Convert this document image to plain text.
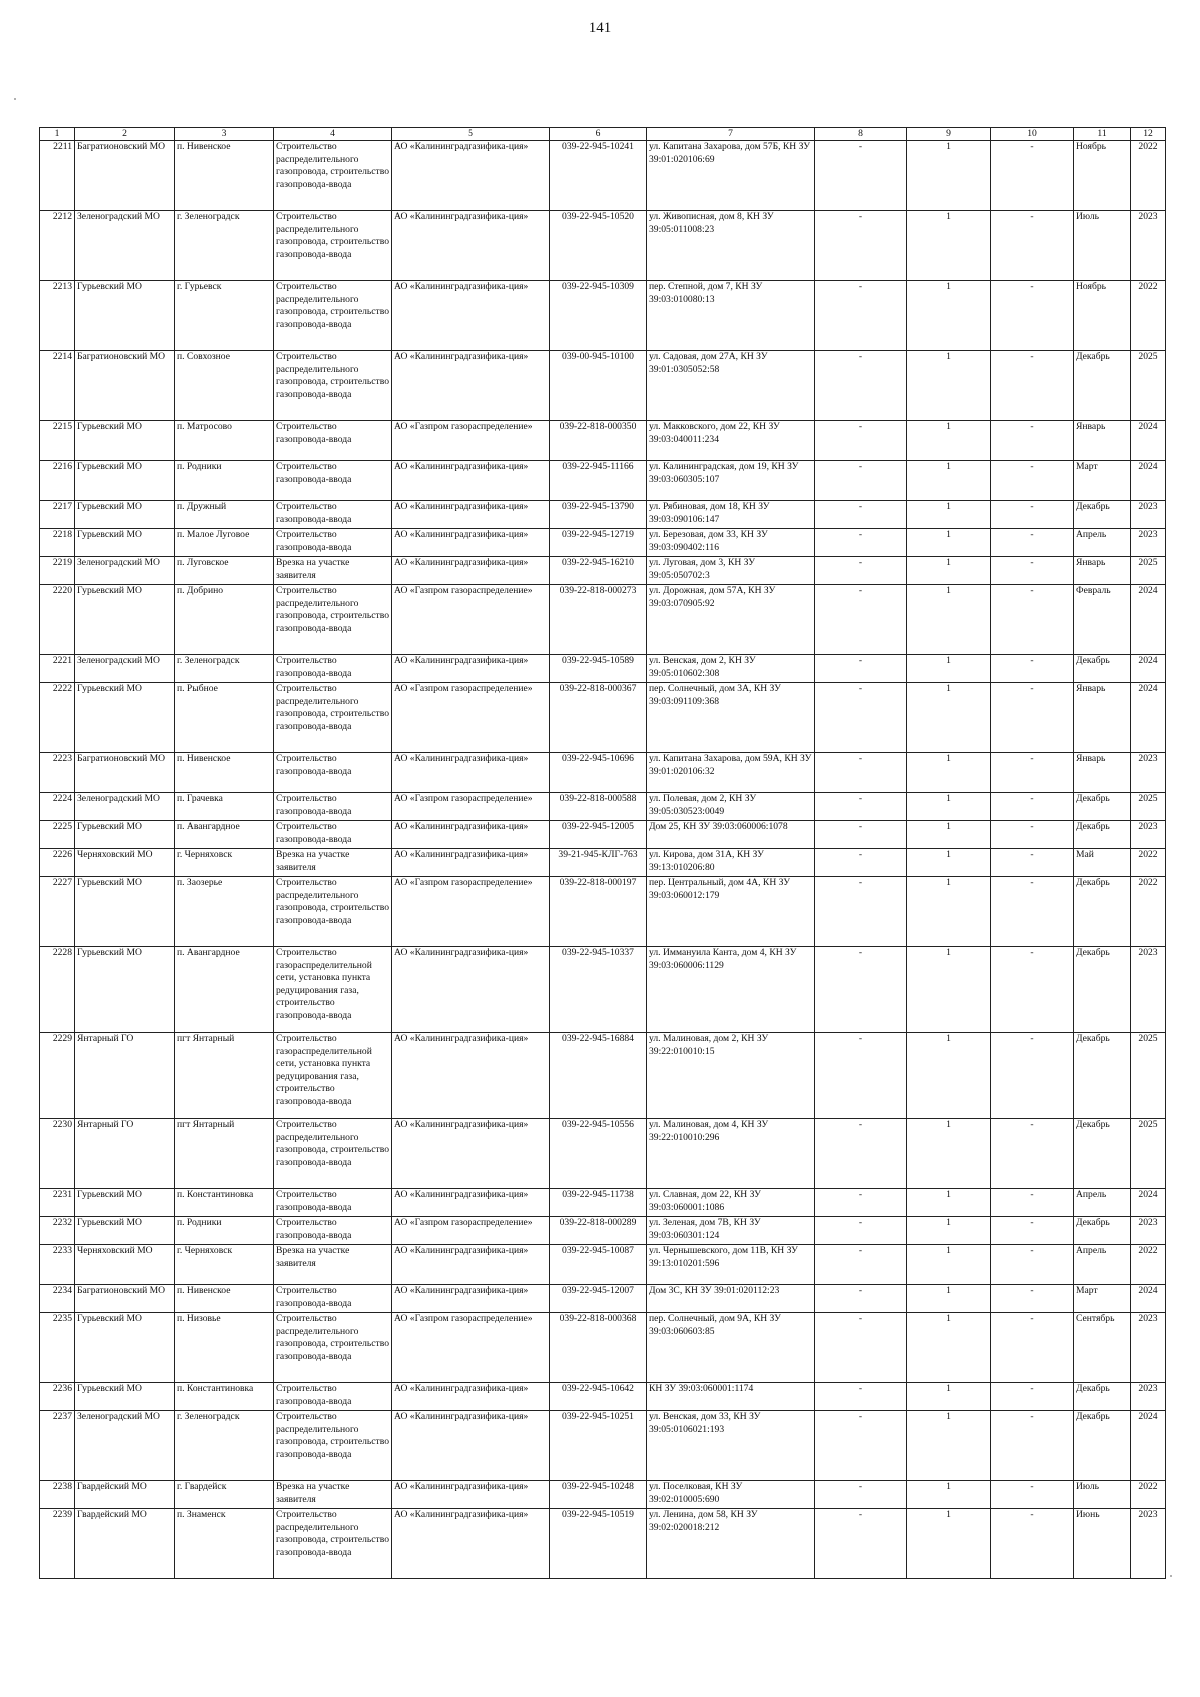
141
1	2	3	4	5	6	7	8	9	10	11	12
2211	Багратионовский МО	п. Нивенское	Строительство распределительного газопровода, строительство газопровода-ввода	АО «Калининградгазифика-ция»	039-22-945-10241	ул. Капитана Захарова, дом 57Б, КН ЗУ 39:01:020106:69	-	1	-	Ноябрь	2022
2212	Зеленоградский МО	г. Зеленоградск	Строительство распределительного газопровода, строительство газопровода-ввода	АО «Калининградгазифика-ция»	039-22-945-10520	ул. Живописная, дом 8, КН ЗУ 39:05:011008:23	-	1	-	Июль	2023
2213	Гурьевский МО	г. Гурьевск	Строительство распределительного газопровода, строительство газопровода-ввода	АО «Калининградгазифика-ция»	039-22-945-10309	пер. Степной, дом 7, КН ЗУ 39:03:010080:13	-	1	-	Ноябрь	2022
2214	Багратионовский МО	п. Совхозное	Строительство распределительного газопровода, строительство газопровода-ввода	АО «Калининградгазифика-ция»	039-00-945-10100	ул. Садовая, дом 27А, КН ЗУ 39:01:0305052:58	-	1	-	Декабрь	2025
2215	Гурьевский МО	п. Матросово	Строительство газопровода-ввода	АО «Газпром газораспределение»	039-22-818-000350	ул. Макковского, дом 22, КН ЗУ 39:03:040011:234	-	1	-	Январь	2024
2216	Гурьевский МО	п. Родники	Строительство газопровода-ввода	АО «Калининградгазифика-ция»	039-22-945-11166	ул. Калининградская, дом 19, КН ЗУ 39:03:060305:107	-	1	-	Март	2024
2217	Гурьевский МО	п. Дружный	Строительство газопровода-ввода	АО «Калининградгазифика-ция»	039-22-945-13790	ул. Рябиновая, дом 18, КН ЗУ 39:03:090106:147	-	1	-	Декабрь	2023
2218	Гурьевский МО	п. Малое Луговое	Строительство газопровода-ввода	АО «Калининградгазифика-ция»	039-22-945-12719	ул. Березовая, дом 33, КН ЗУ 39:03:090402:116	-	1	-	Апрель	2023
2219	Зеленоградский МО	п. Луговское	Врезка на участке заявителя	АО «Калининградгазифика-ция»	039-22-945-16210	ул. Луговая, дом 3, КН ЗУ 39:05:050702:3	-	1	-	Январь	2025
2220	Гурьевский МО	п. Добрино	Строительство распределительного газопровода, строительство газопровода-ввода	АО «Газпром газораспределение»	039-22-818-000273	ул. Дорожная, дом 57А, КН ЗУ 39:03:070905:92	-	1	-	Февраль	2024
2221	Зеленоградский МО	г. Зеленоградск	Строительство газопровода-ввода	АО «Калининградгазифика-ция»	039-22-945-10589	ул. Венская, дом 2, КН ЗУ 39:05:010602:308	-	1	-	Декабрь	2024
2222	Гурьевский МО	п. Рыбное	Строительство распределительного газопровода, строительство газопровода-ввода	АО «Газпром газораспределение»	039-22-818-000367	пер. Солнечный, дом 3А, КН ЗУ 39:03:091109:368	-	1	-	Январь	2024
2223	Багратионовский МО	п. Нивенское	Строительство газопровода-ввода	АО «Калининградгазифика-ция»	039-22-945-10696	ул. Капитана Захарова, дом 59А, КН ЗУ 39:01:020106:32	-	1	-	Январь	2023
2224	Зеленоградский МО	п. Грачевка	Строительство газопровода-ввода	АО «Газпром газораспределение»	039-22-818-000588	ул. Полевая, дом 2, КН ЗУ 39:05:030523:0049	-	1	-	Декабрь	2025
2225	Гурьевский МО	п. Авангардное	Строительство газопровода-ввода	АО «Калининградгазифика-ция»	039-22-945-12005	Дом 25, КН ЗУ 39:03:060006:1078	-	1	-	Декабрь	2023
2226	Черняховский МО	г. Черняховск	Врезка на участке заявителя	АО «Калининградгазифика-ция»	39-21-945-КЛГ-763	ул. Кирова, дом 31А, КН ЗУ 39:13:010206:80	-	1	-	Май	2022
2227	Гурьевский МО	п. Заозерье	Строительство распределительного газопровода, строительство газопровода-ввода	АО «Газпром газораспределение»	039-22-818-000197	пер. Центральный, дом 4А, КН ЗУ 39:03:060012:179	-	1	-	Декабрь	2022
2228	Гурьевский МО	п. Авангардное	Строительство газораспределительной сети, установка пункта редуцирования газа, строительство газопровода-ввода	АО «Калининградгазифика-ция»	039-22-945-10337	ул. Иммануила Канта, дом 4, КН ЗУ 39:03:060006:1129	-	1	-	Декабрь	2023
2229	Янтарный ГО	пгт Янтарный	Строительство газораспределительной сети, установка пункта редуцирования газа, строительство газопровода-ввода	АО «Калининградгазифика-ция»	039-22-945-16884	ул. Малиновая, дом 2, КН ЗУ 39:22:010010:15	-	1	-	Декабрь	2025
2230	Янтарный ГО	пгт Янтарный	Строительство распределительного газопровода, строительство газопровода-ввода	АО «Калининградгазифика-ция»	039-22-945-10556	ул. Малиновая, дом 4, КН ЗУ 39:22:010010:296	-	1	-	Декабрь	2025
2231	Гурьевский МО	п. Константиновка	Строительство газопровода-ввода	АО «Калининградгазифика-ция»	039-22-945-11738	ул. Славная, дом 22, КН ЗУ 39:03:060001:1086	-	1	-	Апрель	2024
2232	Гурьевский МО	п. Родники	Строительство газопровода-ввода	АО «Газпром газораспределение»	039-22-818-000289	ул. Зеленая, дом 7В, КН ЗУ 39:03:060301:124	-	1	-	Декабрь	2023
2233	Черняховский МО	г. Черняховск	Врезка на участке заявителя	АО «Калининградгазифика-ция»	039-22-945-10087	ул. Чернышевского, дом 11В, КН ЗУ 39:13:010201:596	-	1	-	Апрель	2022
2234	Багратионовский МО	п. Нивенское	Строительство газопровода-ввода	АО «Калининградгазифика-ция»	039-22-945-12007	Дом 3С, КН ЗУ 39:01:020112:23	-	1	-	Март	2024
2235	Гурьевский МО	п. Низовье	Строительство распределительного газопровода, строительство газопровода-ввода	АО «Газпром газораспределение»	039-22-818-000368	пер. Солнечный, дом 9А, КН ЗУ 39:03:060603:85	-	1	-	Сентябрь	2023
2236	Гурьевский МО	п. Константиновка	Строительство газопровода-ввода	АО «Калининградгазифика-ция»	039-22-945-10642	КН ЗУ 39:03:060001:1174	-	1	-	Декабрь	2023
2237	Зеленоградский МО	г. Зеленоградск	Строительство распределительного газопровода, строительство газопровода-ввода	АО «Калининградгазифика-ция»	039-22-945-10251	ул. Венская, дом 33, КН ЗУ 39:05:0106021:193	-	1	-	Декабрь	2024
2238	Гвардейский МО	г. Гвардейск	Врезка на участке заявителя	АО «Калининградгазифика-ция»	039-22-945-10248	ул. Поселковая, КН ЗУ 39:02:010005:690	-	1	-	Июль	2022
2239	Гвардейский МО	п. Знаменск	Строительство распределительного газопровода, строительство газопровода-ввода	АО «Калининградгазифика-ция»	039-22-945-10519	ул. Ленина, дом 58, КН ЗУ 39:02:020018:212	-	1	-	Июнь	2023
